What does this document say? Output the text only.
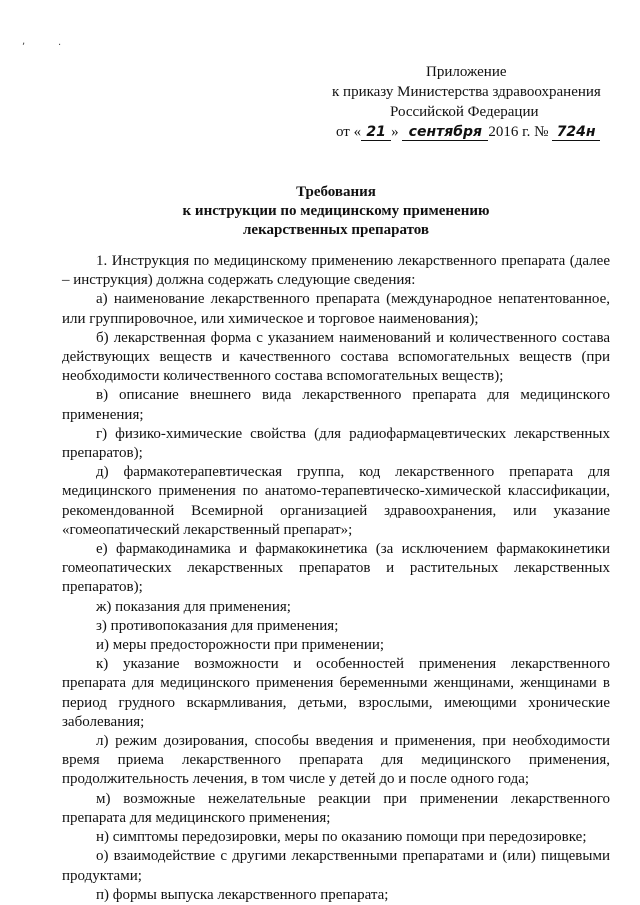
,	·
Приложение
к приказу Министерства здравоохранения
Российской Федерации
от « 21 » сентября 2016 г. № 724н
Требования
к инструкции по медицинскому применению
лекарственных препаратов

1. Инструкция по медицинскому применению лекарственного препарата (далее – инструкция) должна содержать следующие сведения:

а) наименование лекарственного препарата (международное непатентованное, или группировочное, или химическое и торговое наименования);

б) лекарственная форма с указанием наименований и количественного состава действующих веществ и качественного состава вспомогательных веществ (при необходимости количественного состава вспомогательных веществ);

в) описание внешнего вида лекарственного препарата для медицинского применения;

г) физико-химические свойства (для радиофармацевтических лекарственных препаратов);

д) фармакотерапевтическая группа, код лекарственного препарата для медицинского применения по анатомо-терапевтическо-химической классификации, рекомендованной Всемирной организацией здравоохранения, или указание «гомеопатический лекарственный препарат»;

е) фармакодинамика и фармакокинетика (за исключением фармакокинетики гомеопатических лекарственных препаратов и растительных лекарственных препаратов);

ж) показания для применения;

з) противопоказания для применения;

и) меры предосторожности при применении;

к) указание возможности и особенностей применения лекарственного препарата для медицинского применения беременными женщинами, женщинами в период грудного вскармливания, детьми, взрослыми, имеющими хронические заболевания;

л) режим дозирования, способы введения и применения, при необходимости время приема лекарственного препарата для медицинского применения, продолжительность лечения, в том числе у детей до и после одного года;

м) возможные нежелательные реакции при применении лекарственного препарата для медицинского применения;

н) симптомы передозировки, меры по оказанию помощи при передозировке;

о) взаимодействие с другими лекарственными препаратами и (или) пищевыми продуктами;

п) формы выпуска лекарственного препарата;
